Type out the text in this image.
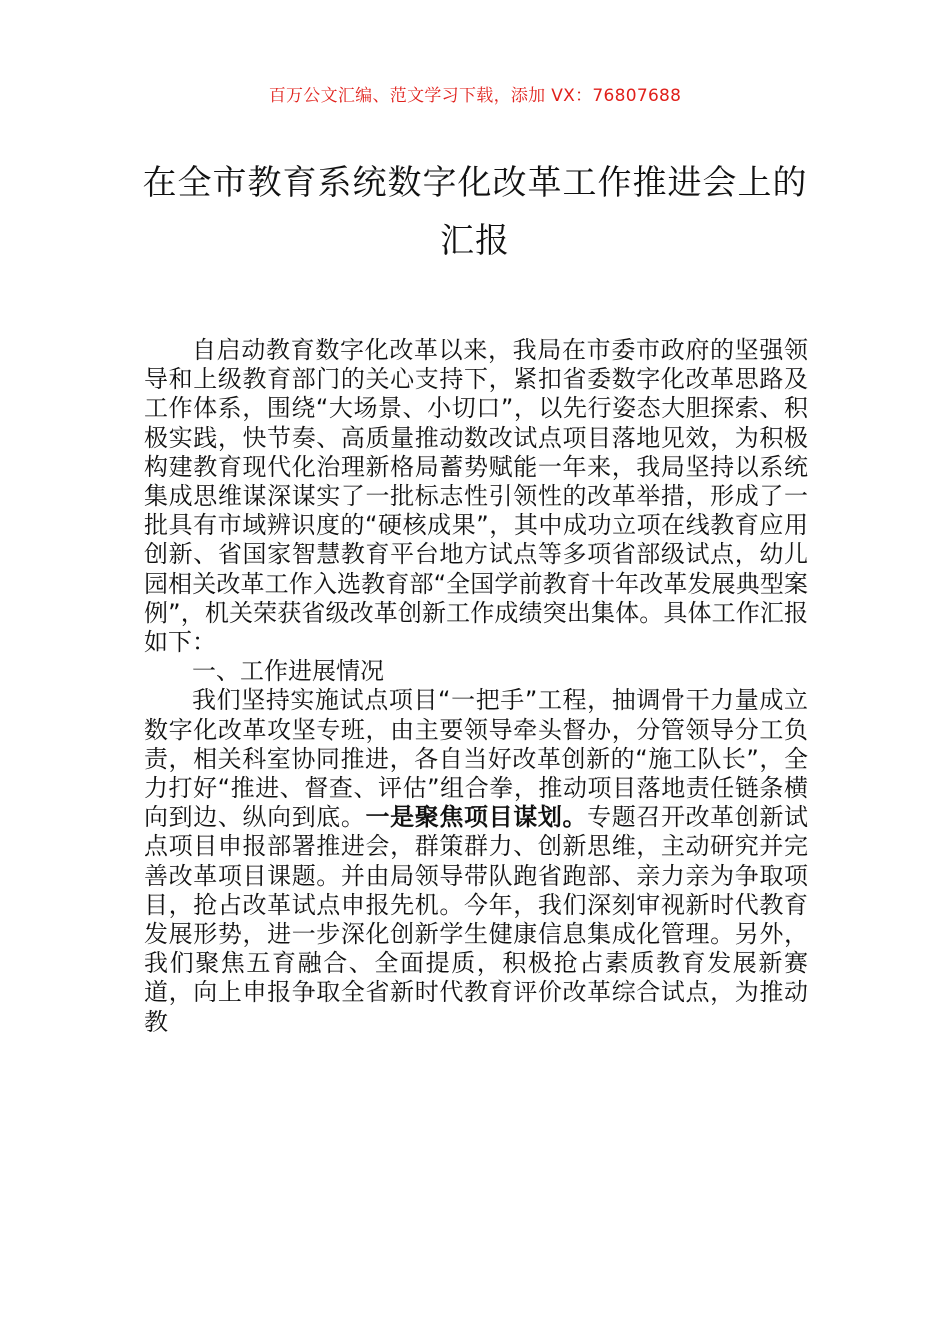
百万公文汇编、范文学习下载，添加 VX：76807688
在全市教育系统数字化改革工作推进会上的汇报

自启动教育数字化改革以来，我局在市委市政府的坚强领导和上级教育部门的关心支持下，紧扣省委数字化改革思路及工作体系，围绕“大场景、小切口”，以先行姿态大胆探索、积极实践，快节奏、高质量推动数改试点项目落地见效，为积极构建教育现代化治理新格局蓄势赋能一年来，我局坚持以系统集成思维谋深谋实了一批标志性引领性的改革举措，形成了一批具有市域辨识度的“硬核成果”，其中成功立项在线教育应用创新、省国家智慧教育平台地方试点等多项省部级试点，幼儿园相关改革工作入选教育部“全国学前教育十年改革发展典型案例”，机关荣获省级改革创新工作成绩突出集体。具体工作汇报如下：

一、工作进展情况

我们坚持实施试点项目“一把手”工程，抽调骨干力量成立数字化改革攻坚专班，由主要领导牵头督办，分管领导分工负责，相关科室协同推进，各自当好改革创新的“施工队长”，全力打好“推进、督查、评估”组合拳，推动项目落地责任链条横向到边、纵向到底。一是聚焦项目谋划。专题召开改革创新试点项目申报部署推进会，群策群力、创新思维，主动研究并完善改革项目课题。并由局领导带队跑省跑部、亲力亲为争取项目，抢占改革试点申报先机。今年，我们深刻审视新时代教育发展形势，进一步深化创新学生健康信息集成化管理。另外，我们聚焦五育融合、全面提质，积极抢占素质教育发展新赛道，向上申报争取全省新时代教育评价改革综合试点，为推动教
